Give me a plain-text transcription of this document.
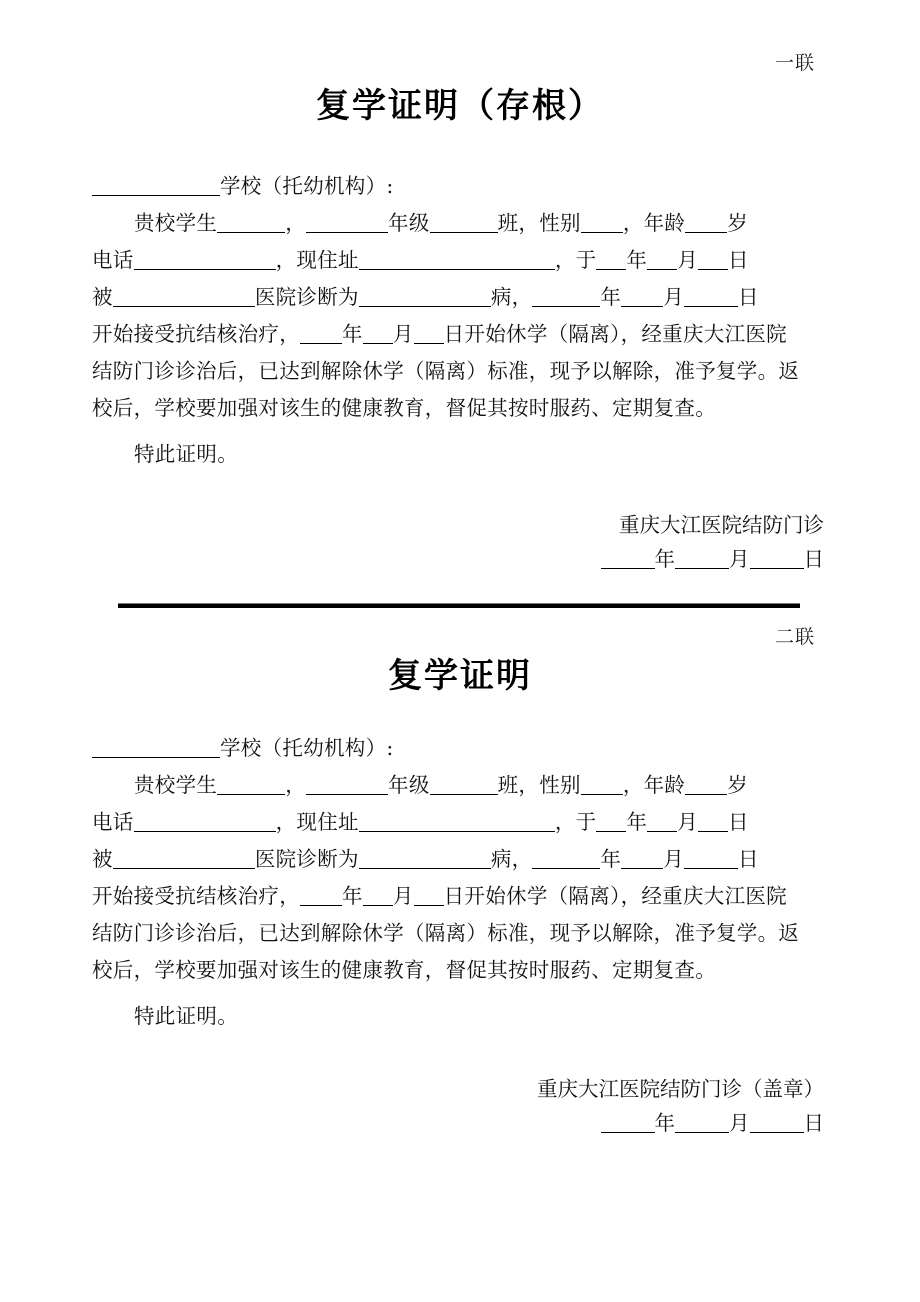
一联
复学证明（存根）
学校（托幼机构）:
贵校学生	，	年级	班，性别 ，年龄 岁
电话	，现住址	，于 年 月 日
被	医院诊断为	病，	年 月	日
开始接受抗结核治疗， 年 月 日开始休学（隔离），经重庆大江医院
结防门诊诊治后，已达到解除休学（隔离）标准，现予以解除，准予复学。返
校后，学校要加强对该生的健康教育，督促其按时服药、定期复查。
特此证明。
重庆大江医院结防门诊
年	月	日
二联
复学证明
学校（托幼机构）:
贵校学生	，	年级	班，性别 ，年龄 岁
电话	，现住址	，于 年 月 日
被	医院诊断为	病，	年 月	日
开始接受抗结核治疗， 年 月 日开始休学（隔离），经重庆大江医院
结防门诊诊治后，已达到解除休学（隔离）标准，现予以解除，准予复学。返
校后，学校要加强对该生的健康教育，督促其按时服药、定期复查。
特此证明。
重庆大江医院结防门诊（盖章）
年	月	日
